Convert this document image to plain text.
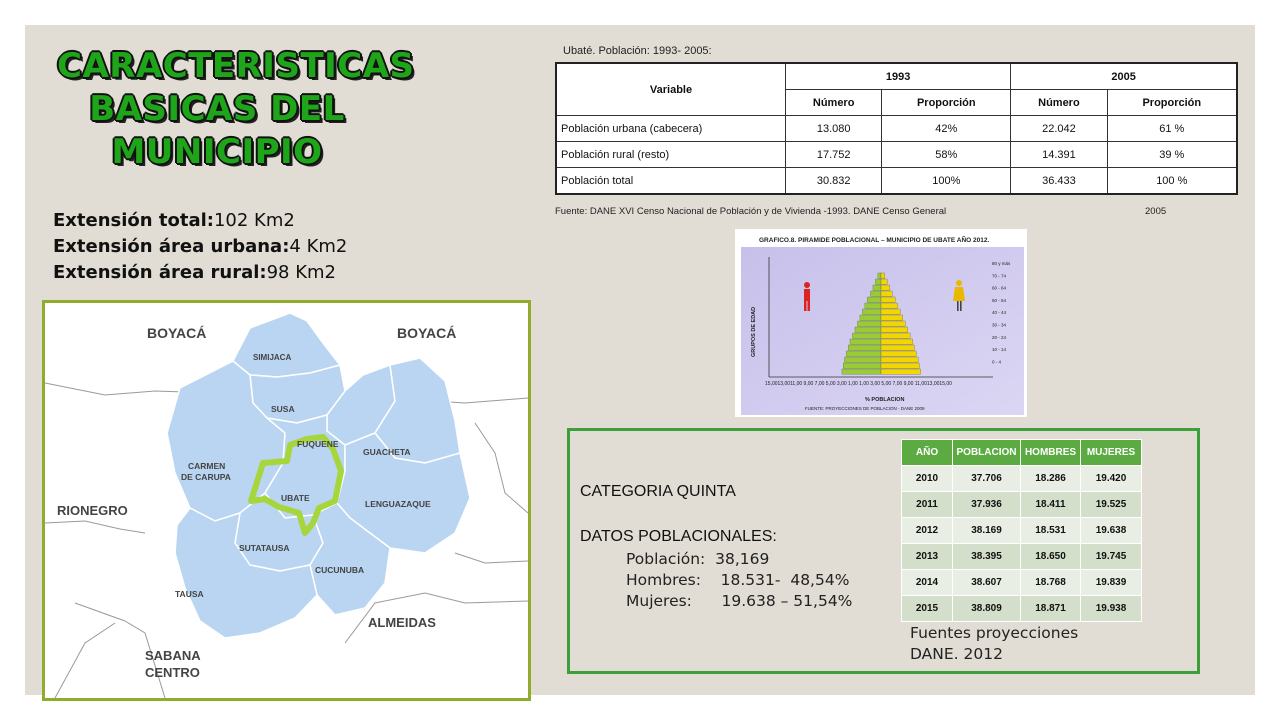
CARACTERISTICAS
BASICAS DEL
MUNICIPIO
Extensión total:102 Km2
Extensión área urbana:4 Km2
Extensión área rural:98 Km2
BOYACÁ	BOYACÁ
RIONEGRO
ALMEIDAS
SABANA
CENTRO
SIMIJACA
SUSA
FUQUENE
GUACHETA
CARMEN
DE CARUPA
UBATE
LENGUAZAQUE
SUTATAUSA
CUCUNUBA
TAUSA
Ubaté. Población: 1993- 2005:
Variable	1993		2005	
	Número	Proporción	Número	Proporción
Población urbana (cabecera)	13.080	42%	22.042	61 %
Población rural (resto)	17.752	58%	14.391	39 %
Población total	30.832	100%	36.433	100 %
Fuente: DANE XVI Censo Nacional de Población y de Vivienda -1993. DANE Censo General	2005
GRAFICO.8. PIRAMIDE POBLACIONAL – MUNICIPIO DE UBATE AÑO 2012.
GRUPOS DE EDAD
80 y más
70 - 74
60 - 64
50 - 54
40 - 44
30 - 34
20 - 24
10 - 14
0 - 4
15,0013,0011,00 9,00 7,00 5,00 3,00 1,00 1,00 3,00 5,00 7,00 9,00 11,0013,0015,00
% POBLACION
FUENTE: PROYECCIONES DE POBLACION - DANE 2009
CATEGORIA QUINTA
DATOS POBLACIONALES:
Población:  38,169
Hombres:    18.531-  48,54%
Mujeres:      19.638 – 51,54%
Fuentes proyecciones
DANE. 2012
AÑO	POBLACION	HOMBRES	MUJERES
2010	37.706	18.286	19.420
2011	37.936	18.411	19.525
2012	38.169	18.531	19.638
2013	38.395	18.650	19.745
2014	38.607	18.768	19.839
2015	38.809	18.871	19.938
